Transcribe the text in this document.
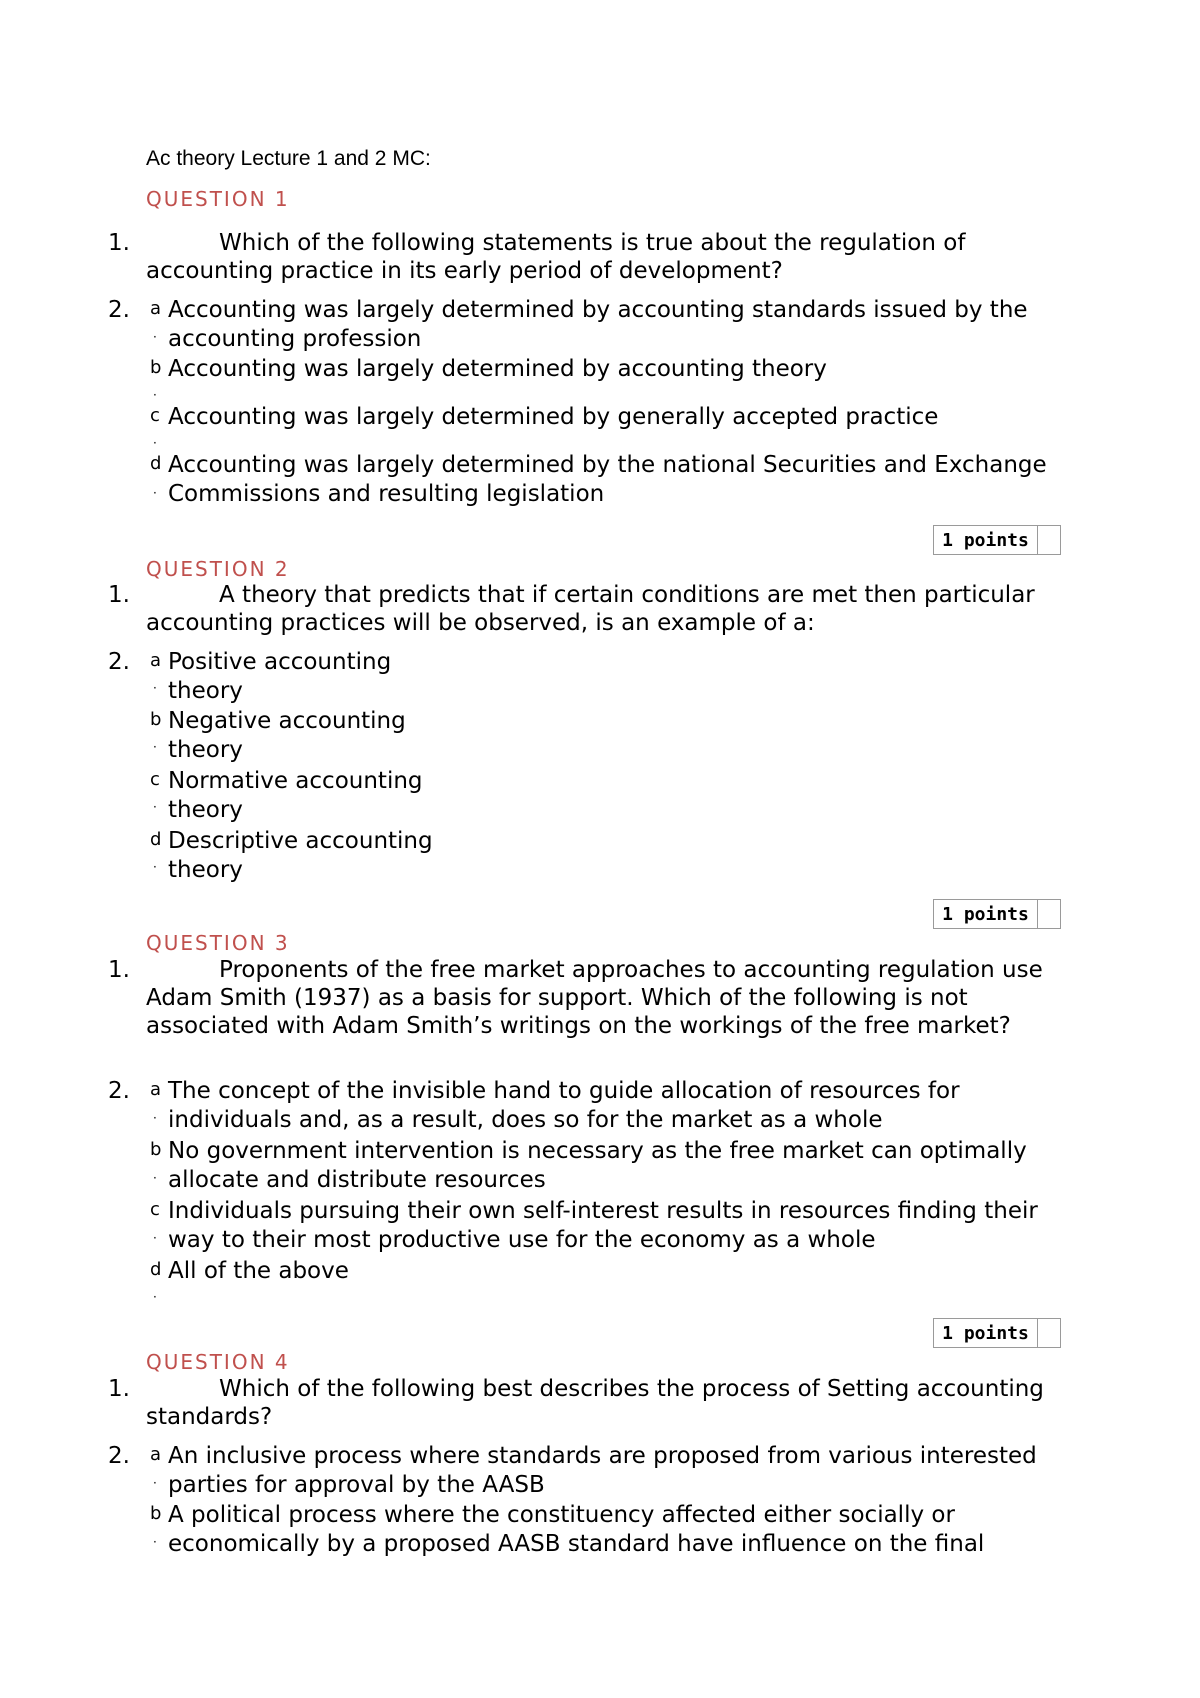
Ac theory Lecture 1 and 2 MC:
QUESTION 1
1.	Which of the following statements is true about the regulation of accounting practice in its early period of development?
2. a
·
Accounting was largely determined by accounting standards issued by the accounting profession
b
·
Accounting was largely determined by accounting theory
c
·
Accounting was largely determined by generally accepted practice
d
·
Accounting was largely determined by the national Securities and Exchange Commissions and resulting legislation
1 points
QUESTION 2
1.	A theory that predicts that if certain conditions are met then particular accounting practices will be observed, is an example of a:
2. a
·
Positive accounting theory
b
·
Negative accounting theory
c
·
Normative accounting theory
d
·
Descriptive accounting theory
1 points
QUESTION 3
1.	Proponents of the free market approaches to accounting regulation use Adam Smith (1937) as a basis for support. Which of the following is not associated with Adam Smith’s writings on the workings of the free market?
2. a
·
The concept of the invisible hand to guide allocation of resources for individuals and, as a result, does so for the market as a whole
b
·
No government intervention is necessary as the free market can optimally allocate and distribute resources
c
·
Individuals pursuing their own self-interest results in resources finding their way to their most productive use for the economy as a whole
d
·
All of the above
1 points
QUESTION 4
1.	Which of the following best describes the process of Setting accounting standards?
2. a
·
An inclusive process where standards are proposed from various interested parties for approval by the AASB
b
·
A political process where the constituency affected either socially or economically by a proposed AASB standard have influence on the final
